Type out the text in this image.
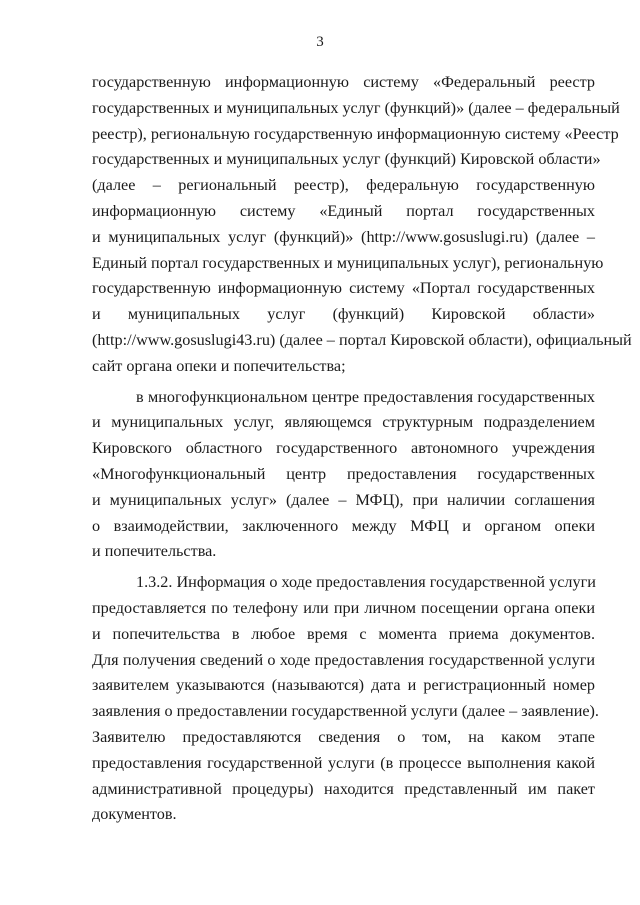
3
государственную информационную систему «Федеральный реестр
государственных и муниципальных услуг (функций)» (далее – федеральный
реестр), региональную государственную информационную систему «Реестр
государственных и муниципальных услуг (функций) Кировской области»
(далее – региональный реестр), федеральную государственную
информационную систему «Единый портал государственных
и муниципальных услуг (функций)» (http://www.gosuslugi.ru) (далее –
Единый портал государственных и муниципальных услуг), региональную
государственную информационную систему «Портал государственных
и муниципальных услуг (функций) Кировской области»
(http://www.gosuslugi43.ru) (далее – портал Кировской области), официальный
сайт органа опеки и попечительства;
в многофункциональном центре предоставления государственных
и муниципальных услуг, являющемся структурным подразделением
Кировского областного государственного автономного учреждения
«Многофункциональный центр предоставления государственных
и муниципальных услуг» (далее – МФЦ), при наличии соглашения
о взаимодействии, заключенного между МФЦ и органом опеки
и попечительства.
1.3.2. Информация о ходе предоставления государственной услуги
предоставляется по телефону или при личном посещении органа опеки
и попечительства в любое время с момента приема документов.
Для получения сведений о ходе предоставления государственной услуги
заявителем указываются (называются) дата и регистрационный номер
заявления о предоставлении государственной услуги (далее – заявление).
Заявителю предоставляются сведения о том, на каком этапе
предоставления государственной услуги (в процессе выполнения какой
административной процедуры) находится представленный им пакет
документов.
